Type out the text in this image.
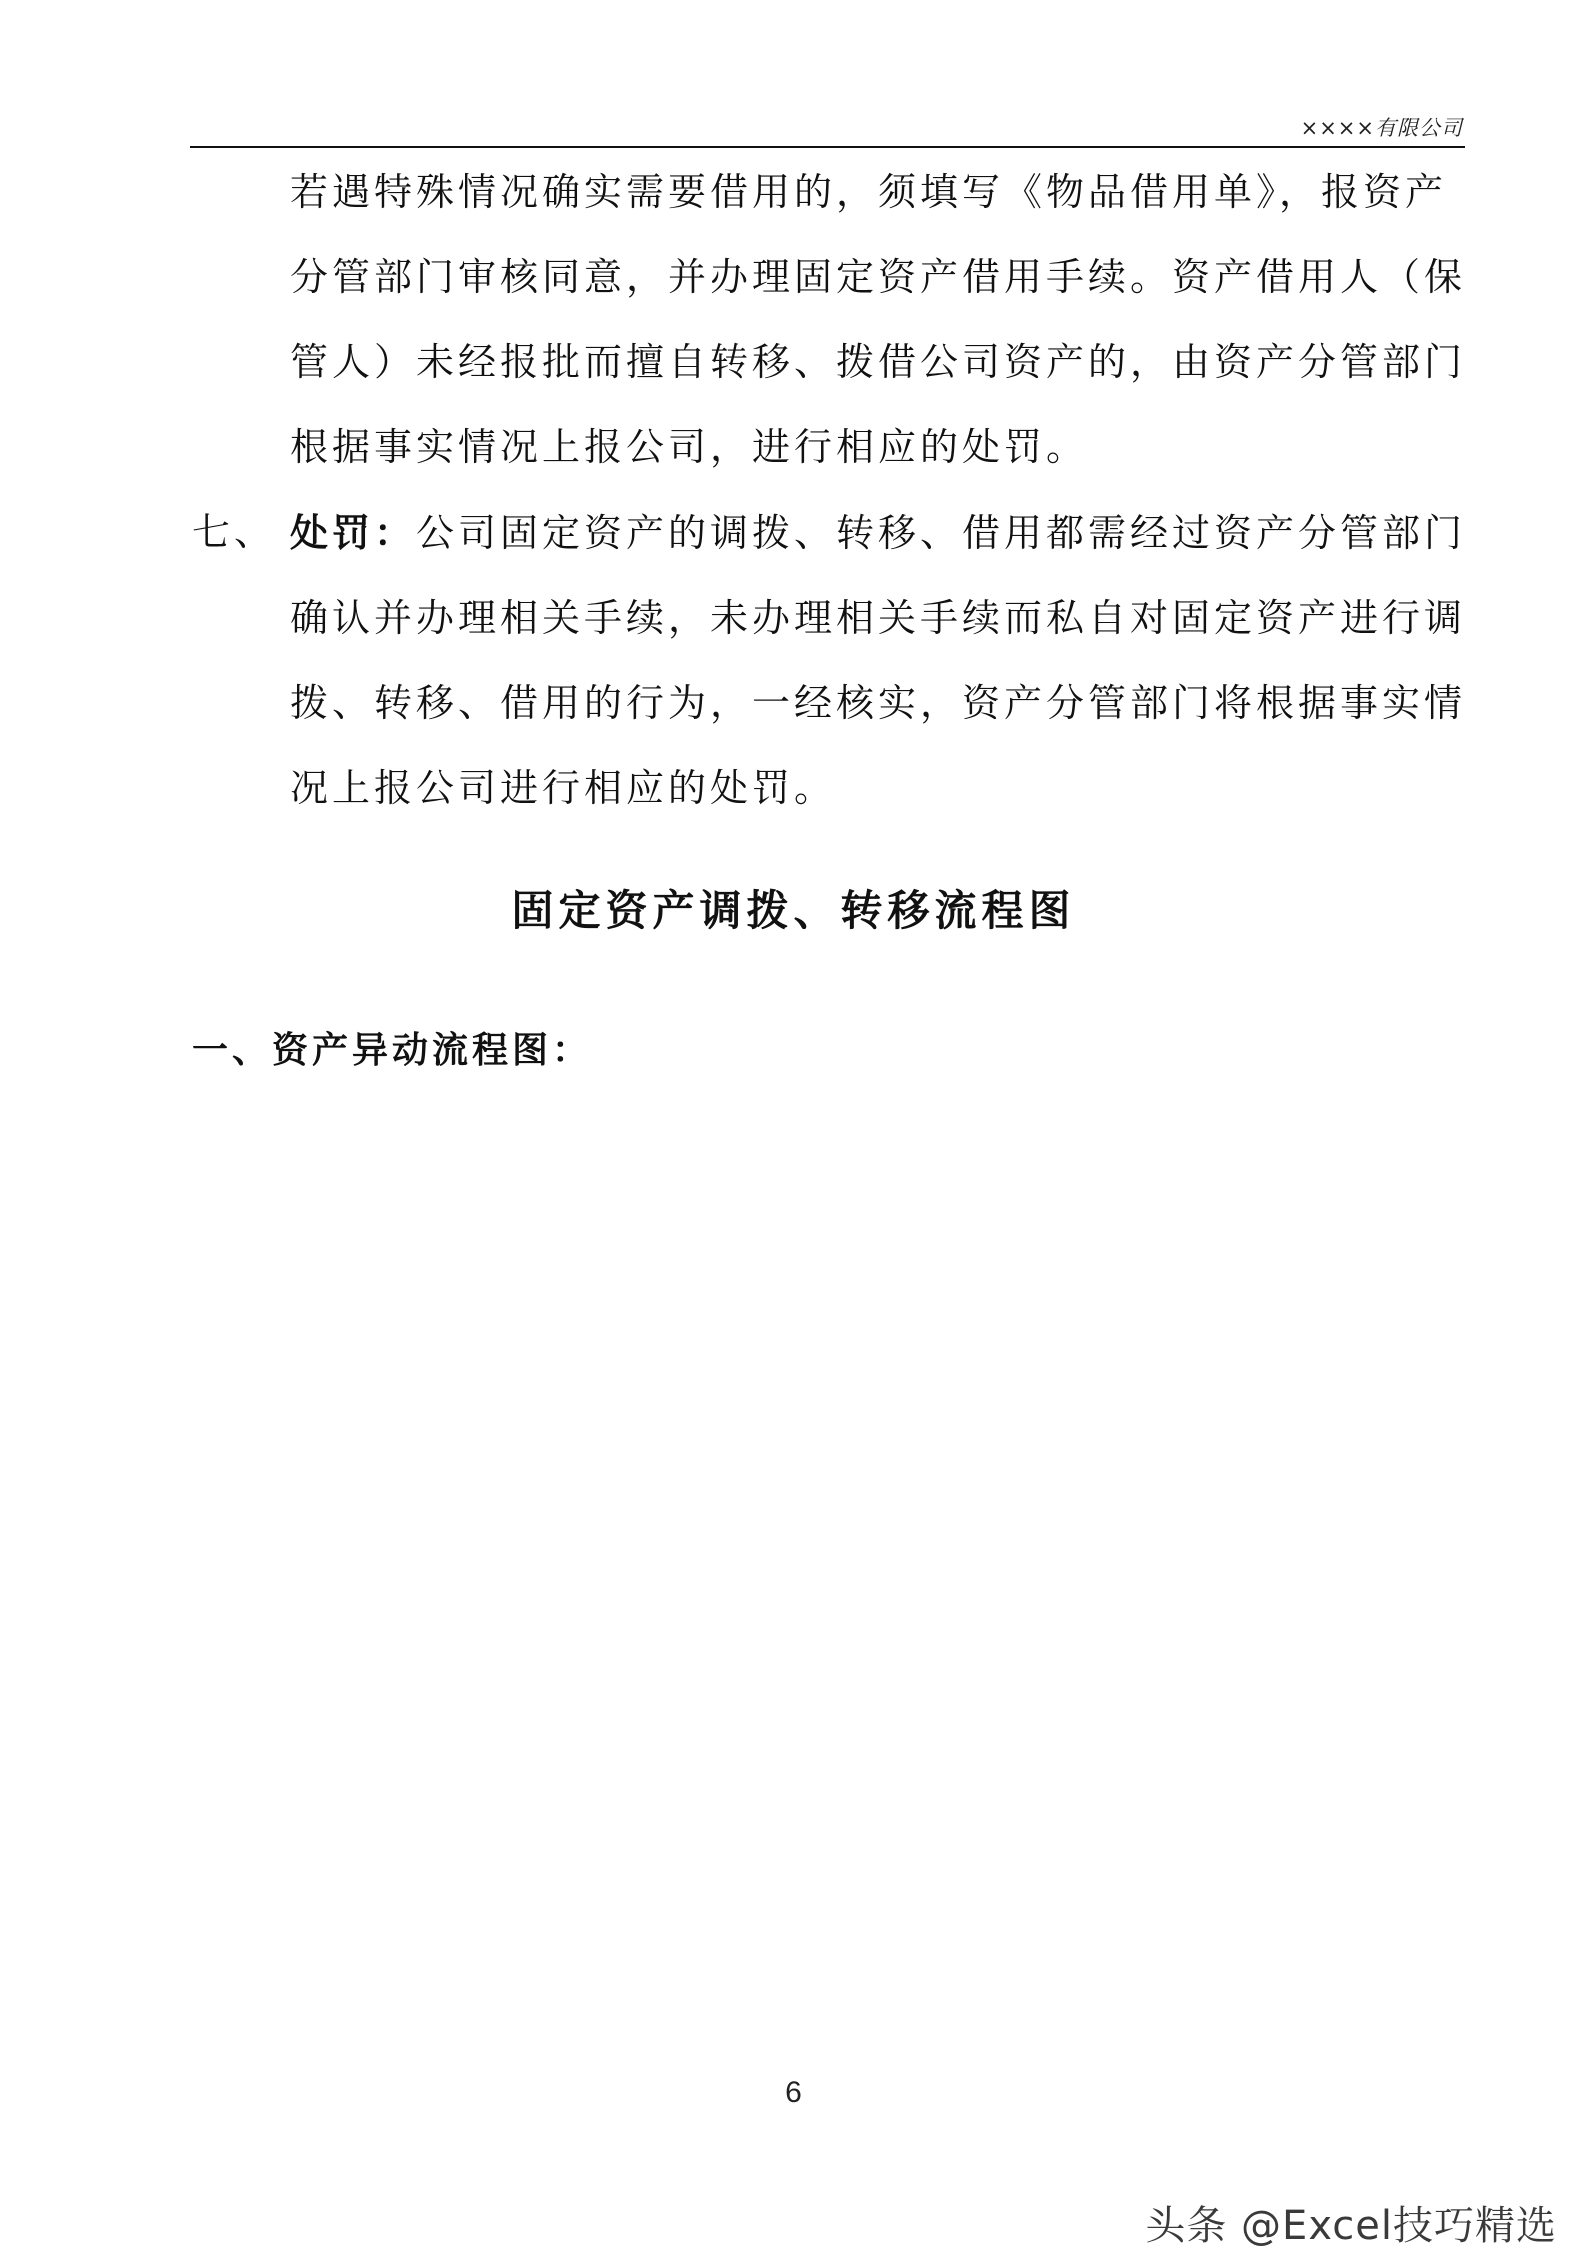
××××有限公司
若遇特殊情况确实需要借用的，须填写《物品借用单》，报资产
分管部门审核同意，并办理固定资产借用手续。资产借用人（保
管人）未经报批而擅自转移、拨借公司资产的，由资产分管部门
根据事实情况上报公司，进行相应的处罚。
七、 处罚：公司固定资产的调拨、转移、借用都需经过资产分管部门
确认并办理相关手续，未办理相关手续而私自对固定资产进行调
拨、转移、借用的行为，一经核实，资产分管部门将根据事实情
况上报公司进行相应的处罚。
固定资产调拨、转移流程图
一、资产异动流程图：
6
头条 @Excel技巧精选
